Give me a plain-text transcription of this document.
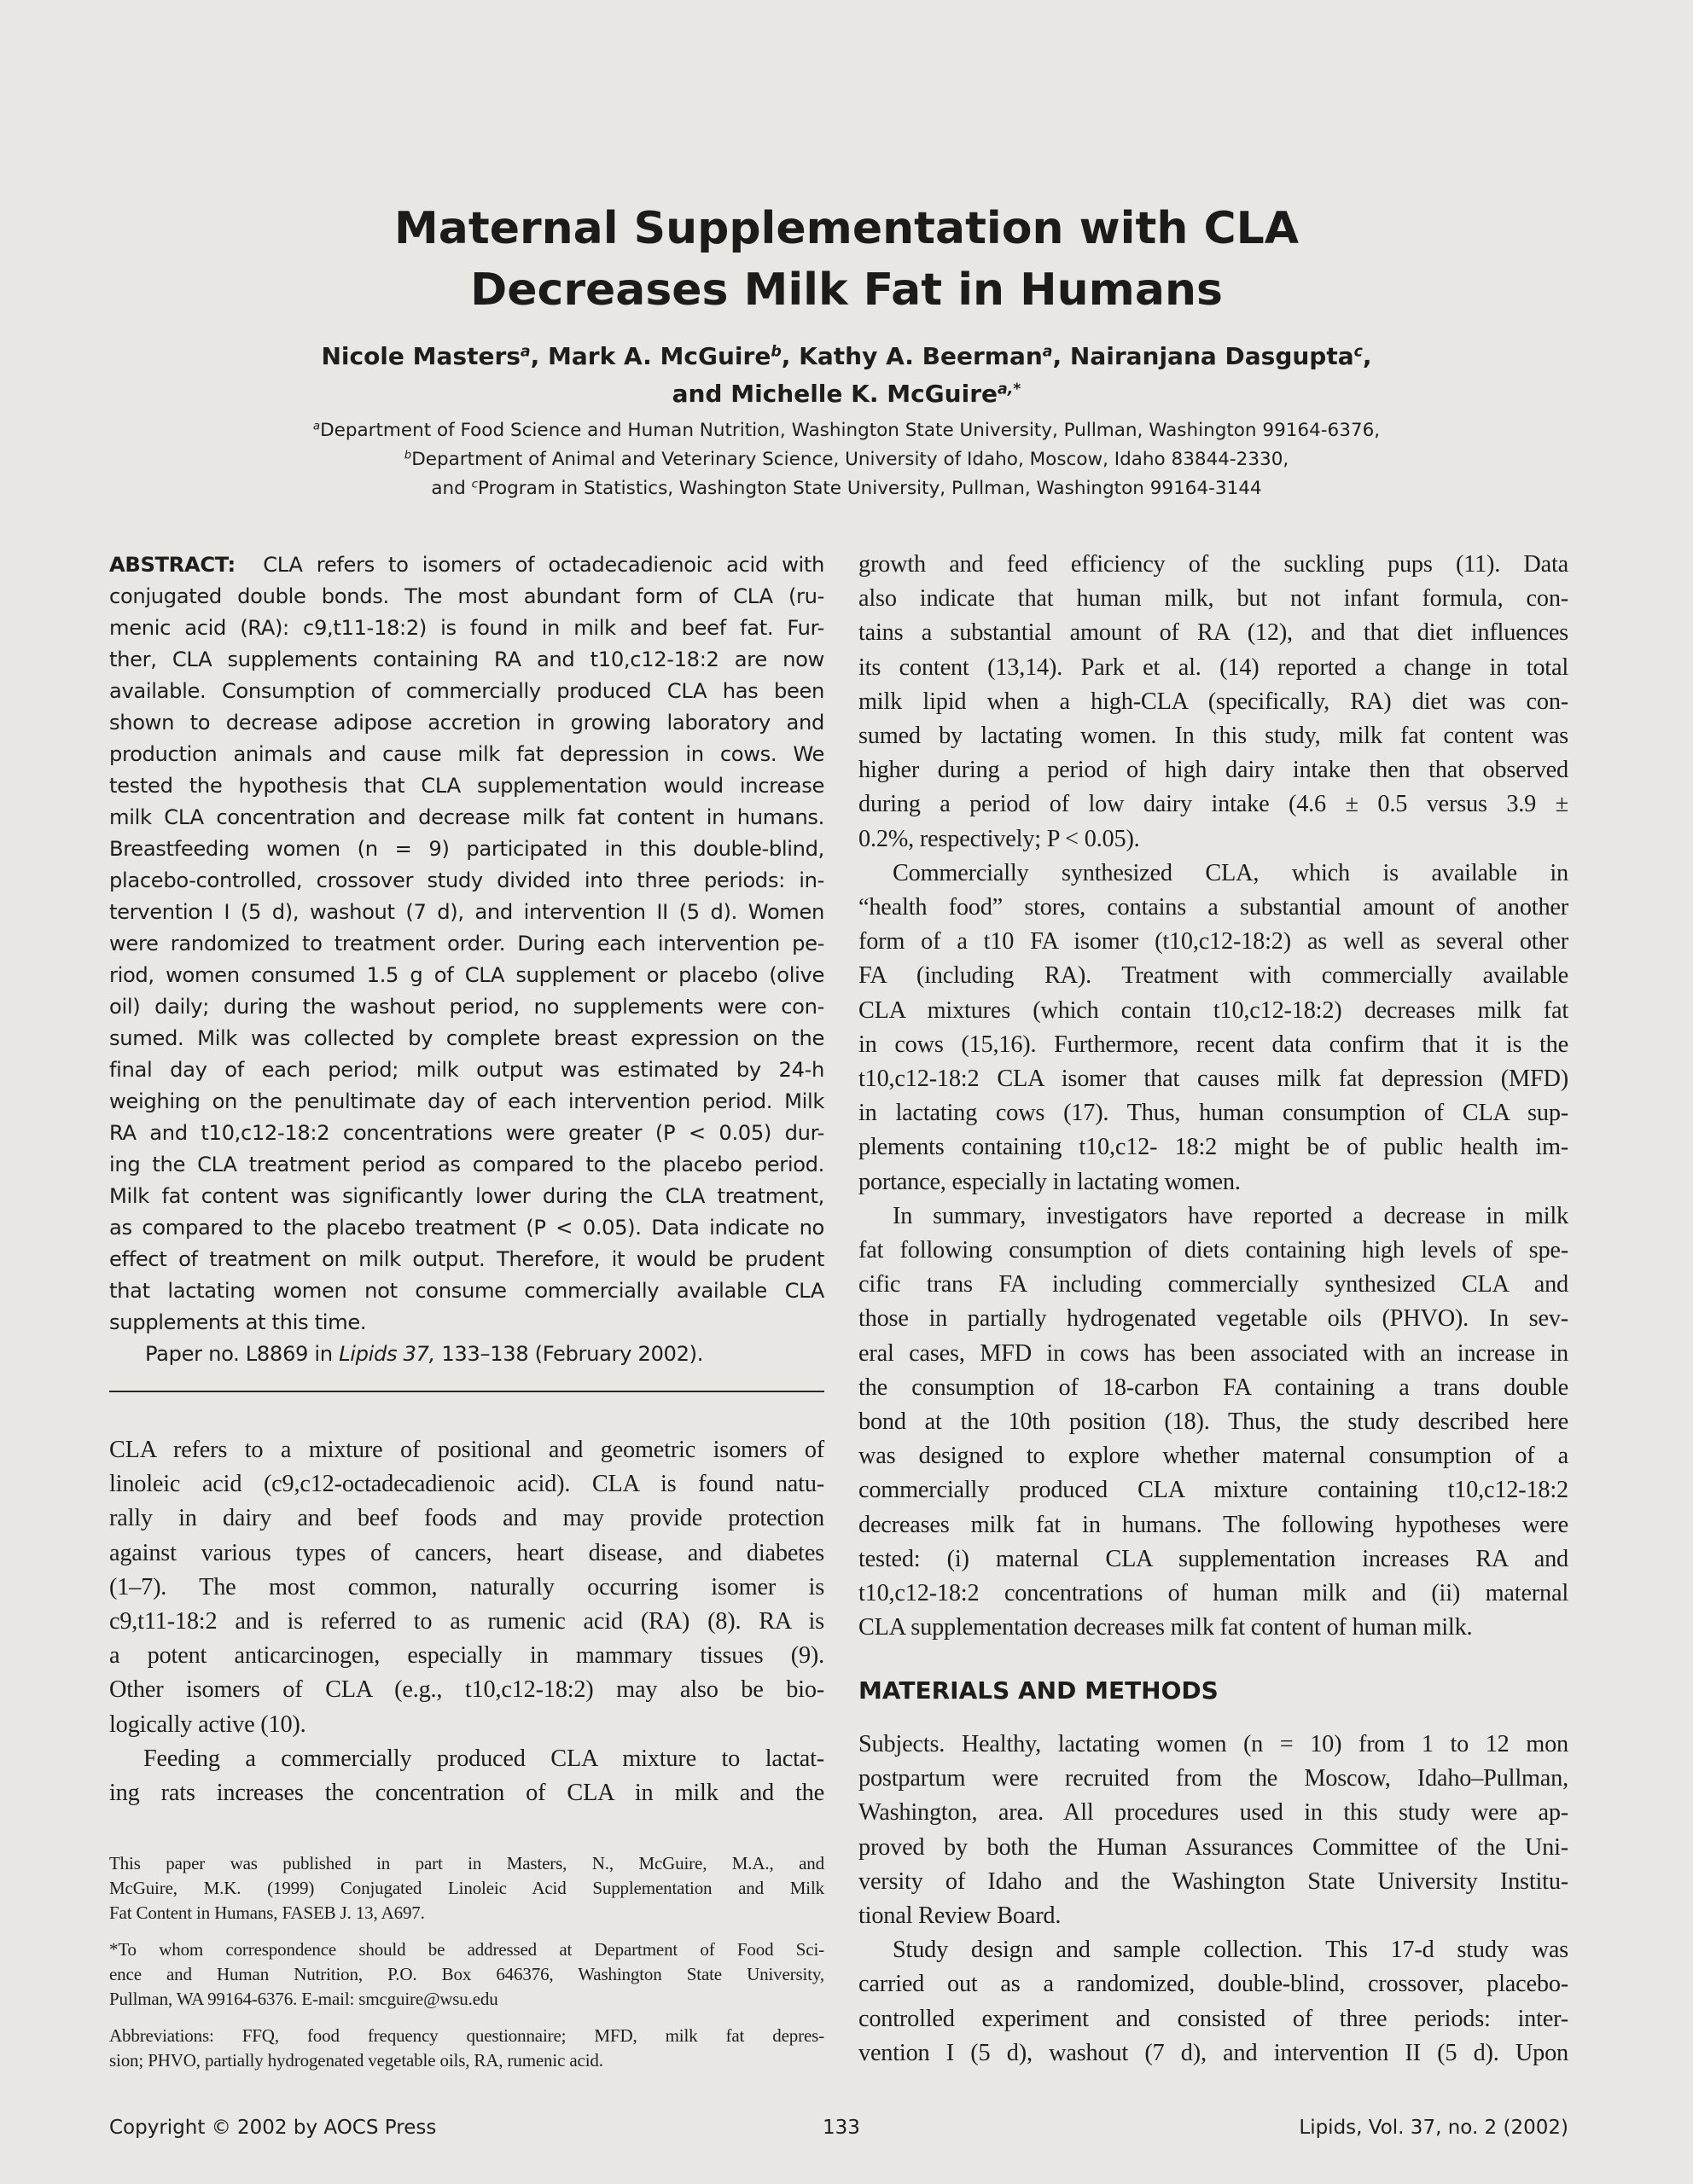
Maternal Supplementation with CLA
Decreases Milk Fat in Humans
Nicole Masters$^a$, Mark A. McGuire$^b$, Kathy A. Beerman$^a$, Nairanjana Dasgupta$^c$,
and Michelle K. McGuire$^{a,*}$
$^a$Department of Food Science and Human Nutrition, Washington State University, Pullman, Washington 99164-6376,
$^b$Department of Animal and Veterinary Science, University of Idaho, Moscow, Idaho 83844-2330,
and $^c$Program in Statistics, Washington State University, Pullman, Washington 99164-3144
ABSTRACT: CLA refers to isomers of octadecadienoic acid with
conjugated double bonds. The most abundant form of CLA (ru-
menic acid (RA): c9,t11-18:2) is found in milk and beef fat. Fur-
ther, CLA supplements containing RA and t10,c12-18:2 are now
available. Consumption of commercially produced CLA has been
shown to decrease adipose accretion in growing laboratory and
production animals and cause milk fat depression in cows. We
tested the hypothesis that CLA supplementation would increase
milk CLA concentration and decrease milk fat content in humans.
Breastfeeding women (n = 9) participated in this double-blind,
placebo-controlled, crossover study divided into three periods: in-
tervention I (5 d), washout (7 d), and intervention II (5 d). Women
were randomized to treatment order. During each intervention pe-
riod, women consumed 1.5 g of CLA supplement or placebo (olive
oil) daily; during the washout period, no supplements were con-
sumed. Milk was collected by complete breast expression on the
final day of each period; milk output was estimated by 24-h
weighing on the penultimate day of each intervention period. Milk
RA and t10,c12-18:2 concentrations were greater (P < 0.05) dur-
ing the CLA treatment period as compared to the placebo period.
Milk fat content was significantly lower during the CLA treatment,
as compared to the placebo treatment (P < 0.05). Data indicate no
effect of treatment on milk output. Therefore, it would be prudent
that lactating women not consume commercially available CLA
supplements at this time.
Paper no. L8869 in Lipids 37, 133–138 (February 2002).
CLA refers to a mixture of positional and geometric isomers of
linoleic acid (c9,c12-octadecadienoic acid). CLA is found natu-
rally in dairy and beef foods and may provide protection
against various types of cancers, heart disease, and diabetes
(1–7). The most common, naturally occurring isomer is
c9,t11-18:2 and is referred to as rumenic acid (RA) (8). RA is
a potent anticarcinogen, especially in mammary tissues (9).
Other isomers of CLA (e.g., t10,c12-18:2) may also be bio-
logically active (10).
Feeding a commercially produced CLA mixture to lactat-
ing rats increases the concentration of CLA in milk and the
This paper was published in part in Masters, N., McGuire, M.A., and
McGuire, M.K. (1999) Conjugated Linoleic Acid Supplementation and Milk
Fat Content in Humans, FASEB J. 13, A697.
*To whom correspondence should be addressed at Department of Food Sci-
ence and Human Nutrition, P.O. Box 646376, Washington State University,
Pullman, WA 99164-6376. E-mail: smcguire@wsu.edu
Abbreviations: FFQ, food frequency questionnaire; MFD, milk fat depres-
sion; PHVO, partially hydrogenated vegetable oils, RA, rumenic acid.
growth and feed efficiency of the suckling pups (11). Data
also indicate that human milk, but not infant formula, con-
tains a substantial amount of RA (12), and that diet influences
its content (13,14). Park et al. (14) reported a change in total
milk lipid when a high-CLA (specifically, RA) diet was con-
sumed by lactating women. In this study, milk fat content was
higher during a period of high dairy intake then that observed
during a period of low dairy intake (4.6 ± 0.5 versus 3.9 ±
0.2%, respectively; P < 0.05).
Commercially synthesized CLA, which is available in
“health food” stores, contains a substantial amount of another
form of a t10 FA isomer (t10,c12-18:2) as well as several other
FA (including RA). Treatment with commercially available
CLA mixtures (which contain t10,c12-18:2) decreases milk fat
in cows (15,16). Furthermore, recent data confirm that it is the
t10,c12-18:2 CLA isomer that causes milk fat depression (MFD)
in lactating cows (17). Thus, human consumption of CLA sup-
plements containing t10,c12- 18:2 might be of public health im-
portance, especially in lactating women.
In summary, investigators have reported a decrease in milk
fat following consumption of diets containing high levels of spe-
cific trans FA including commercially synthesized CLA and
those in partially hydrogenated vegetable oils (PHVO). In sev-
eral cases, MFD in cows has been associated with an increase in
the consumption of 18-carbon FA containing a trans double
bond at the 10th position (18). Thus, the study described here
was designed to explore whether maternal consumption of a
commercially produced CLA mixture containing t10,c12-18:2
decreases milk fat in humans. The following hypotheses were
tested: (i) maternal CLA supplementation increases RA and
t10,c12-18:2 concentrations of human milk and (ii) maternal
CLA supplementation decreases milk fat content of human milk.
MATERIALS AND METHODS
Subjects. Healthy, lactating women (n = 10) from 1 to 12 mon
postpartum were recruited from the Moscow, Idaho–Pullman,
Washington, area. All procedures used in this study were ap-
proved by both the Human Assurances Committee of the Uni-
versity of Idaho and the Washington State University Institu-
tional Review Board.
Study design and sample collection. This 17-d study was
carried out as a randomized, double-blind, crossover, placebo-
controlled experiment and consisted of three periods: inter-
vention I (5 d), washout (7 d), and intervention II (5 d). Upon
Copyright © 2002 by AOCS Press	133	Lipids, Vol. 37, no. 2 (2002)
